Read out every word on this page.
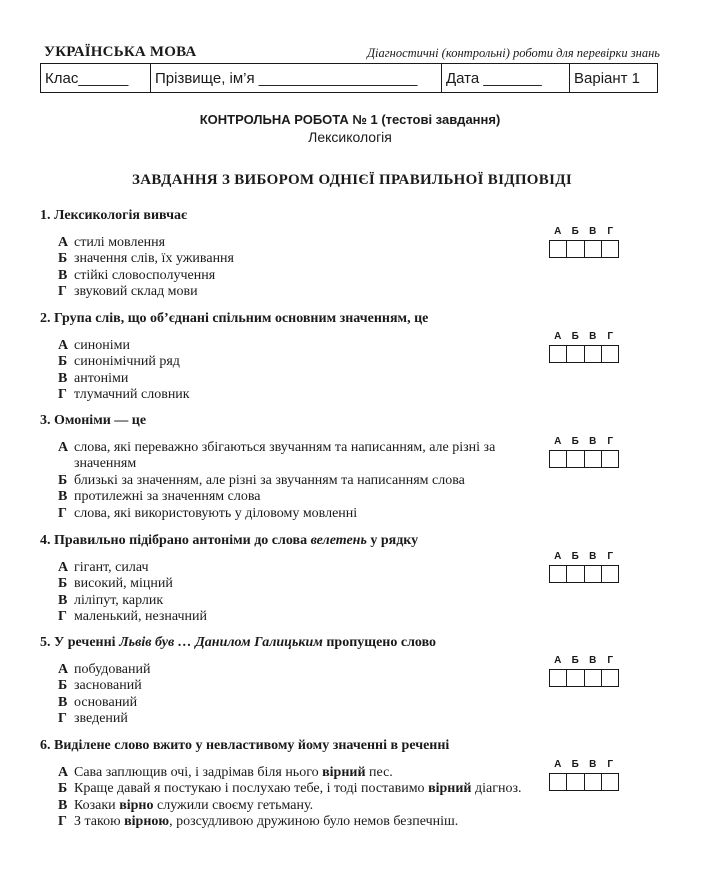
УКРАЇНСЬКА МОВА	Діагностичні (контрольні) роботи для перевірки знань
Клас______	Прізвище, ім’я ___________________	Дата _______	Варіант 1
КОНТРОЛЬНА РОБОТА № 1 (тестові завдання)
Лексикологія
ЗАВДАННЯ З ВИБОРОМ ОДНІЄЇ ПРАВИЛЬНОЇ ВІДПОВІДІ
1. Лексикологія вивчає
А стилі мовлення
Б значення слів, їх уживання
В стійкі словосполучення
Г звуковий склад мови
А	Б	В	Г
2. Група слів, що об’єднані спільним основним значенням, це
А синоніми
Б синонімічний ряд
В антоніми
Г тлумачний словник
А	Б	В	Г
3. Омоніми — це
А слова, які переважно збігаються звучанням та написанням, але різні за значенням
Б близькі за значенням, але різні за звучанням та написанням слова
В протилежні за значенням слова
Г слова, які використовують у діловому мовленні
А	Б	В	Г
4. Правильно підібрано антоніми до слова велетень у рядку
А гігант, силач
Б високий, міцний
В ліліпут, карлик
Г маленький, незначний
А	Б	В	Г
5. У реченні Львів був … Данилом Галицьким пропущено слово
А побудований
Б засновaний
В оснoваний
Г зведений
А	Б	В	Г
6. Виділене слово вжито у невластивому йому значенні в реченні
А Сава заплющив очі, і задрімав біля нього вірний пес.
Б Краще давай я постукаю і послухаю тебе, і тоді поставимо вірний діагноз.
В Козаки вірно служили своєму гетьману.
Г З такою вірною, розсудливою дружиною було немов безпечніш.
А	Б	В	Г
